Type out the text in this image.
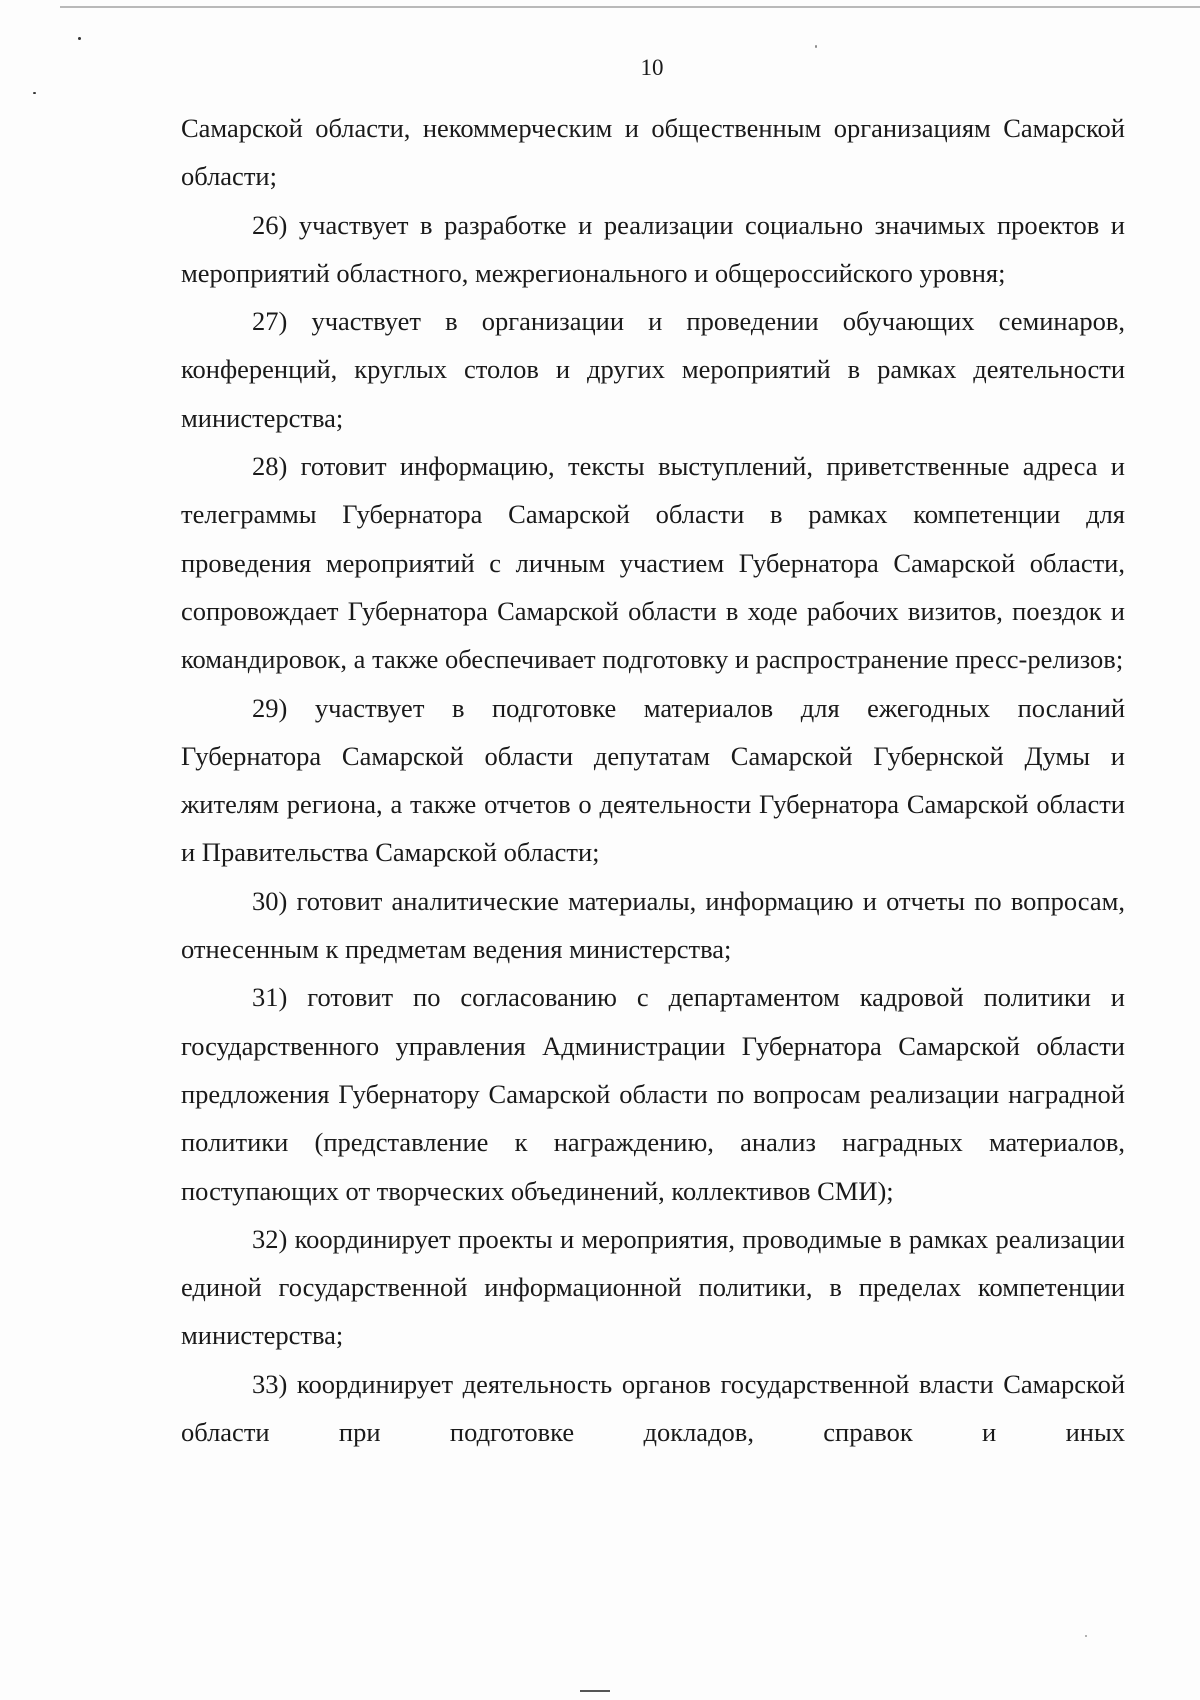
10

Самарской области, некоммерческим и общественным организациям Самарской области;

26) участвует в разработке и реализации социально значимых проектов и мероприятий областного, межрегионального и общероссийского уровня;

27) участвует в организации и проведении обучающих семинаров, конференций, круглых столов и других мероприятий в рамках деятельности министерства;

28) готовит информацию, тексты выступлений, приветственные адреса и телеграммы Губернатора Самарской области в рамках компетенции для проведения мероприятий с личным участием Губернатора Самарской области, сопровождает Губернатора Самарской области в ходе рабочих визитов, поездок и командировок, а также обеспечивает подготовку и распространение пресс-релизов;

29) участвует в подготовке материалов для ежегодных посланий Губернатора Самарской области депутатам Самарской Губернской Думы и жителям региона, а также отчетов о деятельности Губернатора Самарской области и Правительства Самарской области;

30) готовит аналитические материалы, информацию и отчеты по вопросам, отнесенным к предметам ведения министерства;

31) готовит по согласованию с департаментом кадровой политики и государственного управления Администрации Губернатора Самарской области предложения Губернатору Самарской области по вопросам реализации наградной политики (представление к награждению, анализ наградных материалов, поступающих от творческих объединений, коллективов СМИ);

32) координирует проекты и мероприятия, проводимые в рамках реализации единой государственной информационной политики, в пределах компетенции министерства;

33) координирует деятельность органов государственной власти Самарской области при подготовке докладов, справок и иных
